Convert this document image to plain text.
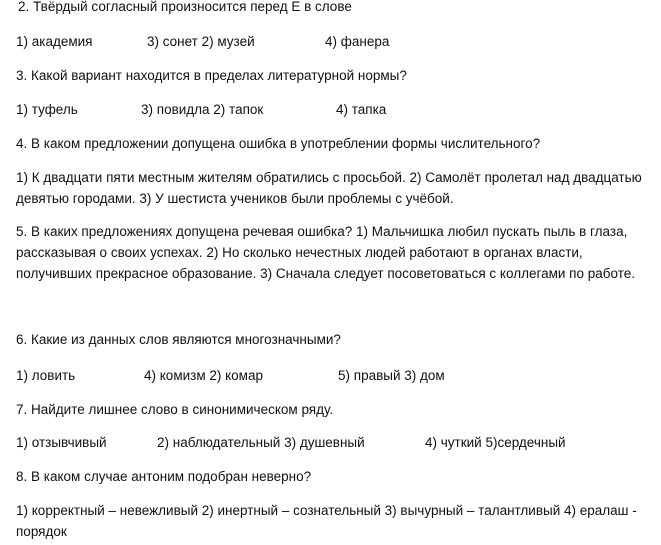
2. Твёрдый согласный произносится перед Е в слове
1) академия	3) сонет 2) музей	4) фанера
3. Какой вариант находится в пределах литературной нормы?
1) туфель	3) повидла 2) тапок	4) тапка
4. В каком предложении допущена ошибка в употреблении формы числительного?
1) К двадцати пяти местным жителям обратились с просьбой. 2) Самолёт пролетал над двадцатью девятью городами. 3) У шестиста учеников были проблемы с учёбой.
5. В каких предложениях допущена речевая ошибка? 1) Мальчишка любил пускать пыль в глаза, рассказывая о своих успехах. 2) Но сколько нечестных людей работают в органах власти, получивших прекрасное образование. 3) Сначала следует посоветоваться с коллегами по работе.
6. Какие из данных слов являются многозначными?
1) ловить	4) комизм 2) комар	5) правый 3) дом
7. Найдите лишнее слово в синонимическом ряду.
1) отзывчивый	2) наблюдательный 3) душевный	4) чуткий 5)сердечный
8. В каком случае антоним подобран неверно?
1) корректный – невежливый 2) инертный – сознательный 3) вычурный – талантливый 4) ералаш - порядок
